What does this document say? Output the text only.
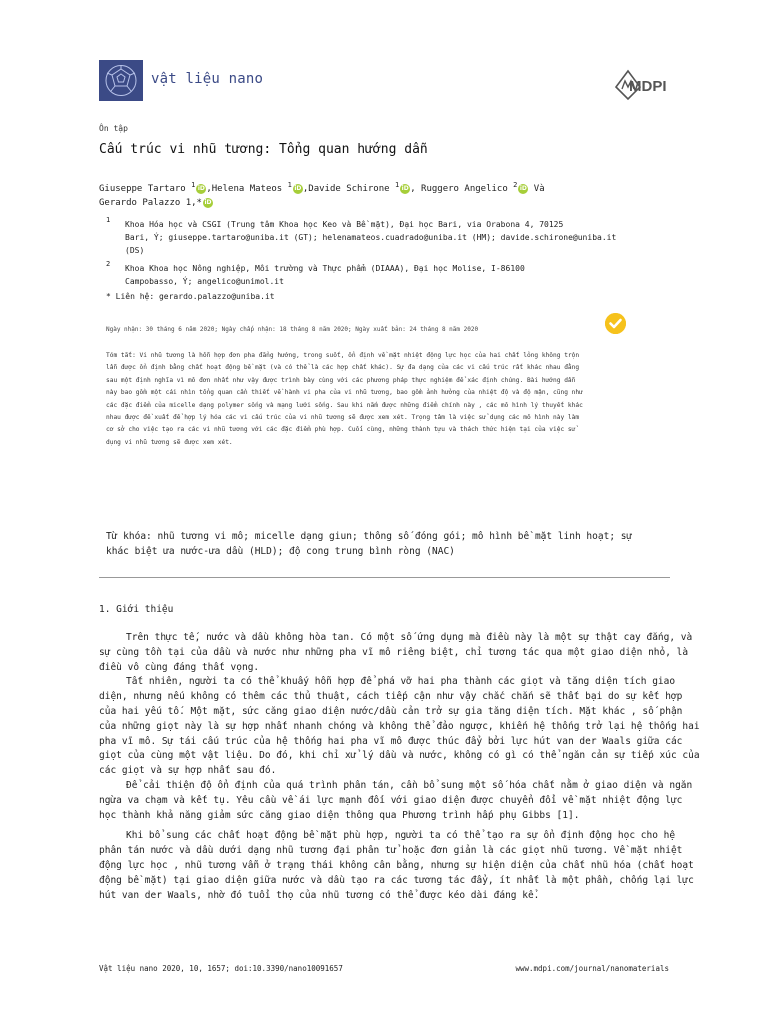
vật liệu nano	MDPI
Ôn tập
Cấu trúc vi nhũ tương: Tổng quan hướng dẫn
Giuseppe Tartaro $^1$ iD,Helena Mateos $^1$ iD,Davide Schirone $^1$ iD, Ruggero Angelico $^2$ iD Và
Gerardo Palazzo 1,* iD
1 Khoa Hóa học và CSGI (Trung tâm Khoa học Keo và Bề mặt), Đại học Bari, via Orabona 4, 70125
Bari, Ý; giuseppe.tartaro@uniba.it (GT); helenamateos.cuadrado@uniba.it (HM); davide.schirone@uniba.it
(DS)
2 Khoa Khoa học Nông nghiệp, Môi trường và Thực phẩm (DIAAA), Đại học Molise, I-86100
Campobasso, Ý; angelico@unimol.it
* Liên hệ: gerardo.palazzo@uniba.it
Ngày nhận: 30 tháng 6 năm 2020; Ngày chấp nhận: 18 tháng 8 năm 2020; Ngày xuất bản: 24 tháng 8 năm 2020
Tóm tắt: Vi nhũ tương là hỗn hợp đơn pha đẳng hướng, trong suốt, ổn định về mặt nhiệt động lực học của hai chất lỏng không trộn
lẫn được ổn định bằng chất hoạt động bề mặt (và có thể là các hợp chất khác). Sự đa dạng của các vi cấu trúc rất khác nhau đằng
sau một định nghĩa vì mô đơn nhất như vậy được trình bày cùng với các phương pháp thực nghiệm để xác định chúng. Bài hướng dẫn
này bao gồm một cái nhìn tổng quan cần thiết về hành vi pha của vi nhũ tương, bao gồm ảnh hưởng của nhiệt độ và độ mặn, cũng như
các đặc điểm của micelle dạng polymer sống và mạng lưới sống. Sau khi nắm được những điểm chính này , các mô hình lý thuyết khác
nhau được đề xuất để hợp lý hóa các vi cấu trúc của vi nhũ tương sẽ được xem xét. Trọng tâm là việc sử dụng các mô hình này làm
cơ sở cho việc tạo ra các vi nhũ tương với các đặc điểm phù hợp. Cuối cùng, những thành tựu và thách thức hiện tại của việc sử
dụng vi nhũ tương sẽ được xem xét.
Từ khóa: nhũ tương vi mô; micelle dạng giun; thông số đóng gói; mô hình bề mặt linh hoạt; sự
khác biệt ưa nước-ưa dầu (HLD); độ cong trung bình ròng (NAC)
1. Giới thiệu

Trên thực tế, nước và dầu không hòa tan. Có một số ứng dụng mà điều này là một sự thật cay đắng, và sự cùng tồn tại của dầu và nước như những pha vĩ mô riêng biệt, chỉ tương tác qua một giao diện nhỏ, là điều vô cùng đáng thất vọng.

Tất nhiên, người ta có thể khuấy hỗn hợp để phá vỡ hai pha thành các giọt và tăng diện tích giao diện, nhưng nếu không có thêm các thủ thuật, cách tiếp cận như vậy chắc chắn sẽ thất bại do sự kết hợp của hai yếu tố. Một mặt, sức căng giao diện nước/dầu cản trở sự gia tăng diện tích. Mặt khác , số phận của những giọt này là sự hợp nhất nhanh chóng và không thể đảo ngược, khiến hệ thống trở lại hệ thống hai pha vĩ mô. Sự tái cấu trúc của hệ thống hai pha vĩ mô được thúc đẩy bởi lực hút van der Waals giữa các giọt của cùng một vật liệu. Do đó, khi chỉ xử lý dầu và nước, không có gì có thể ngăn cản sự tiếp xúc của các giọt và sự hợp nhất sau đó.

Để cải thiện độ ổn định của quá trình phân tán, cần bổ sung một số hóa chất nằm ở giao diện và ngăn ngừa va chạm và kết tụ. Yêu cầu về ái lực mạnh đối với giao diện được chuyển đổi về mặt nhiệt động lực học thành khả năng giảm sức căng giao diện thông qua Phương trình hấp phụ Gibbs [1].

Khi bổ sung các chất hoạt động bề mặt phù hợp, người ta có thể tạo ra sự ổn định động học cho hệ phân tán nước và dầu dưới dạng nhũ tương đại phân tử hoặc đơn giản là các giọt nhũ tương. Về mặt nhiệt động lực học , nhũ tương vẫn ở trạng thái không cân bằng, nhưng sự hiện diện của chất nhũ hóa (chất hoạt động bề mặt) tại giao diện giữa nước và dầu tạo ra các tương tác đẩy, ít nhất là một phần, chống lại lực hút van der Waals, nhờ đó tuổi thọ của nhũ tương có thể được kéo dài đáng kể.

Vật liệu nano 2020, 10, 1657; doi:10.3390/nano10091657	www.mdpi.com/journal/nanomaterials
